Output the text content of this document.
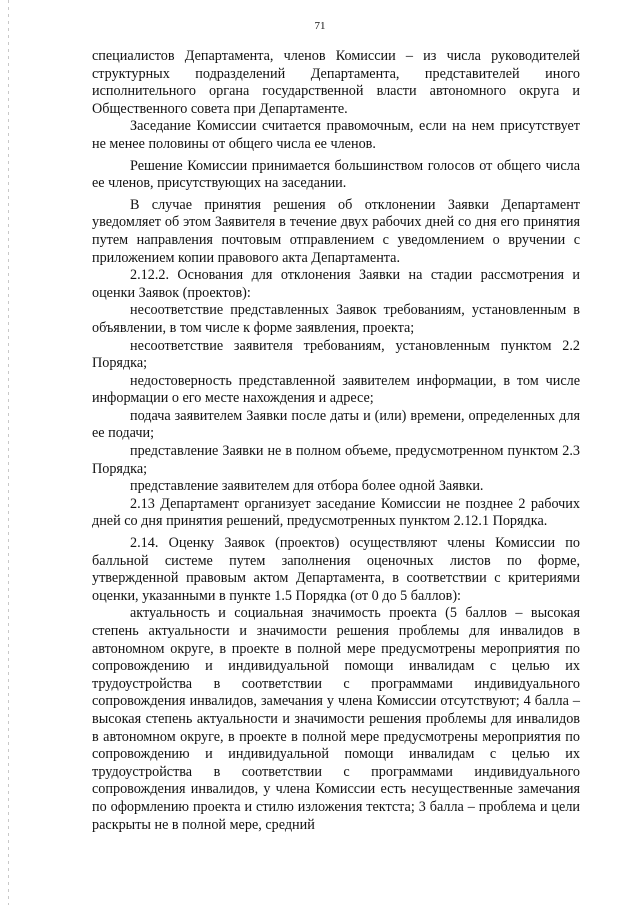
71

специалистов Департамента, членов Комиссии – из числа руководителей структурных подразделений Департамента, представителей иного исполнительного органа государственной власти автономного округа и Общественного совета при Департаменте.

Заседание Комиссии считается правомочным, если на нем присутствует не менее половины от общего числа ее членов.

Решение Комиссии принимается большинством голосов от общего числа ее членов, присутствующих на заседании.

В случае принятия решения об отклонении Заявки Департамент уведомляет об этом Заявителя в течение двух рабочих дней со дня его принятия путем направления почтовым отправлением с уведомлением о вручении с приложением копии правового акта Департамента.

2.12.2. Основания для отклонения Заявки на стадии рассмотрения и оценки Заявок (проектов):

несоответствие представленных Заявок требованиям, установленным в объявлении, в том числе к форме заявления, проекта;

несоответствие заявителя требованиям, установленным пунктом 2.2 Порядка;

недостоверность представленной заявителем информации, в том числе информации о его месте нахождения и адресе;

подача заявителем Заявки после даты и (или) времени, определенных для ее подачи;

представление Заявки не в полном объеме, предусмотренном пунктом 2.3 Порядка;

представление заявителем для отбора более одной Заявки.

2.13 Департамент организует заседание Комиссии не позднее 2 рабочих дней со дня принятия решений, предусмотренных пунктом 2.12.1 Порядка.

2.14. Оценку Заявок (проектов) осуществляют члены Комиссии по балльной системе путем заполнения оценочных листов по форме, утвержденной правовым актом Департамента, в соответствии с критериями оценки, указанными в пункте 1.5 Порядка (от 0 до 5 баллов):

актуальность и социальная значимость проекта (5 баллов – высокая степень актуальности и значимости решения проблемы для инвалидов в автономном округе, в проекте в полной мере предусмотрены мероприятия по сопровождению и индивидуальной помощи инвалидам с целью их трудоустройства в соответствии с программами индивидуального сопровождения инвалидов, замечания у члена Комиссии отсутствуют; 4 балла – высокая степень актуальности и значимости решения проблемы для инвалидов в автономном округе, в проекте в полной мере предусмотрены мероприятия по сопровождению и индивидуальной помощи инвалидам с целью их трудоустройства в соответствии с программами индивидуального сопровождения инвалидов, у члена Комиссии есть несущественные замечания по оформлению проекта и стилю изложения тектста; 3 балла – проблема и цели раскрыты не в полной мере, средний
